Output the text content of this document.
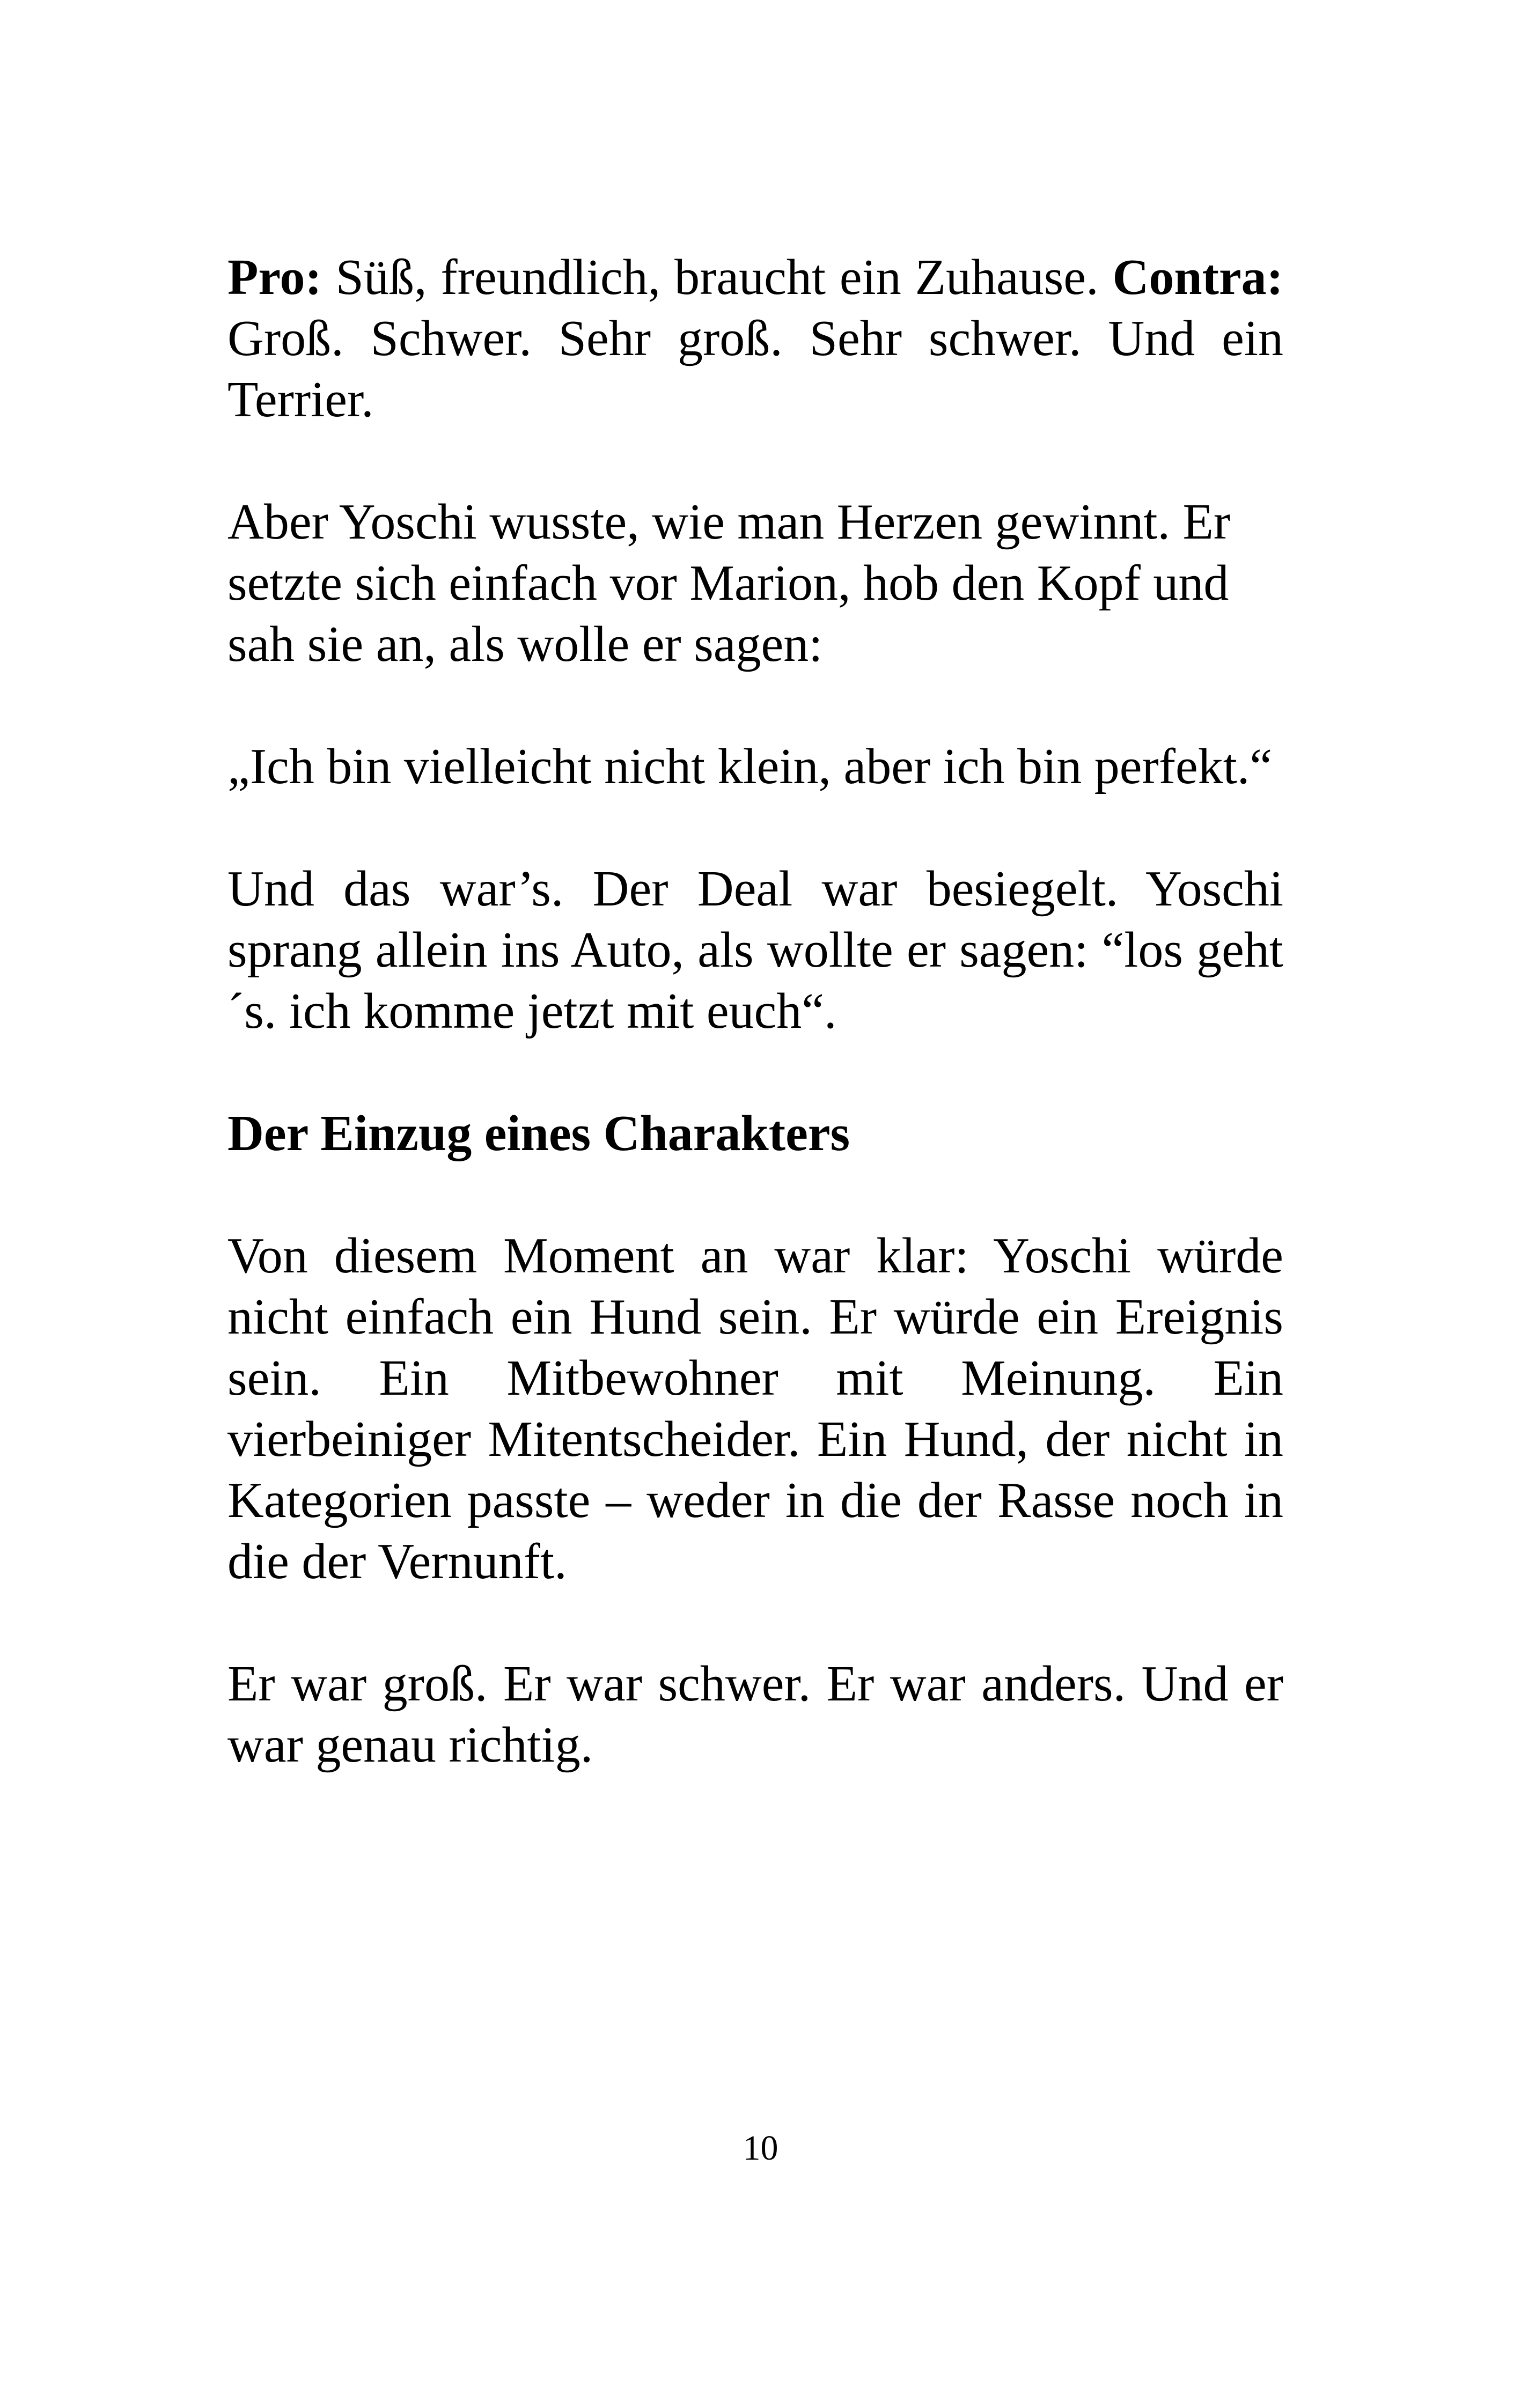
Pro: Süß, freundlich, braucht ein Zuhause. Contra: Groß. Schwer. Sehr groß. Sehr schwer. Und ein Terrier.

Aber Yoschi wusste, wie man Herzen gewinnt. Er setzte sich einfach vor Marion, hob den Kopf und sah sie an, als wolle er sagen:

„Ich bin vielleicht nicht klein, aber ich bin perfekt.“

Und das war’s. Der Deal war besiegelt. Yoschi sprang allein ins Auto, als wollte er sagen: “los geht´s. ich komme jetzt mit euch“.

Der Einzug eines Charakters

Von diesem Moment an war klar: Yoschi würde nicht einfach ein Hund sein. Er würde ein Ereignis sein. Ein Mitbewohner mit Meinung. Ein vierbeiniger Mitentscheider. Ein Hund, der nicht in Kategorien passte – weder in die der Rasse noch in die der Vernunft.

Er war groß. Er war schwer. Er war anders. Und er war genau richtig.

10
